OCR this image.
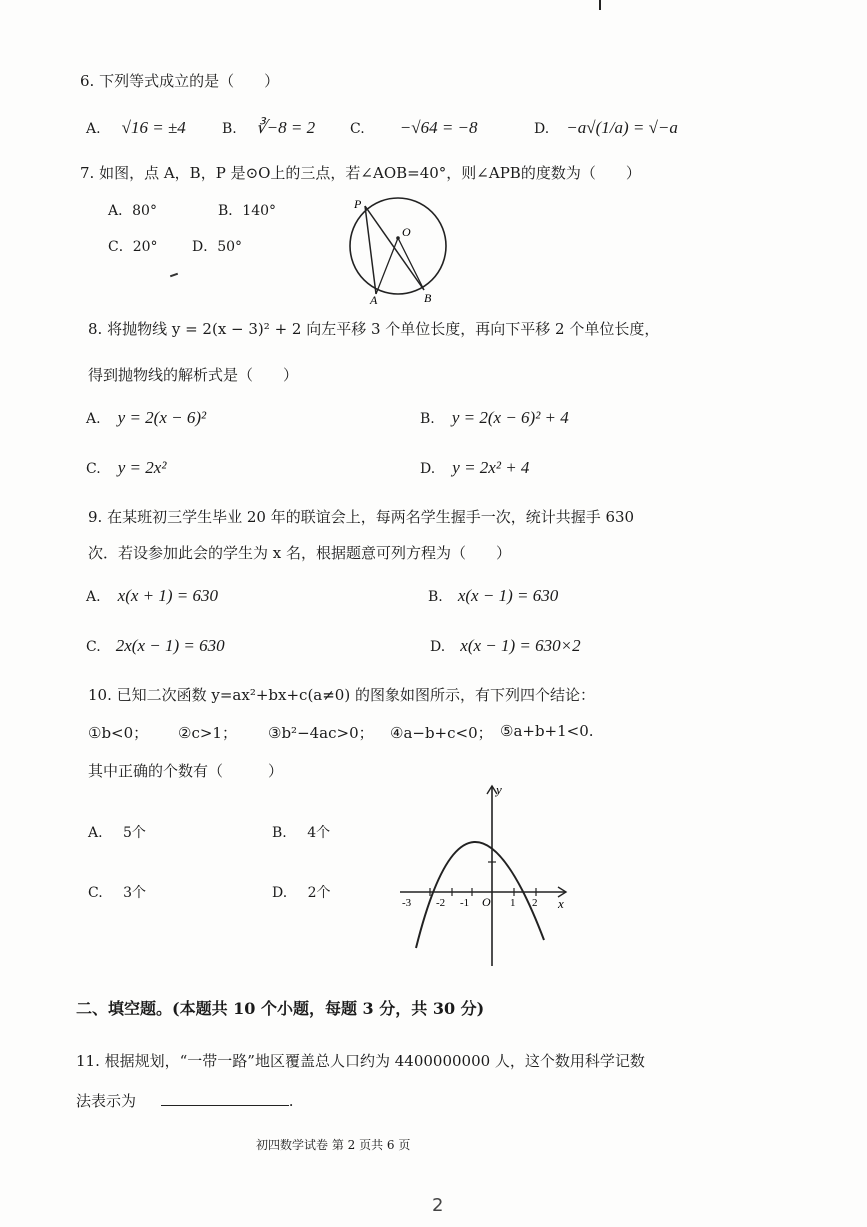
6. 下列等式成立的是（　　）
A. √16 = ±4	B. ∛−8 = 2 C. −√64 = −8	D. −a√(1/a) = √−a
7. 如图，点 A，B，P 是⊙O上的三点，若∠AOB=40°，则∠APB的度数为（　　）
A．80°	B．140°
C．20° D．50°
P
O
A	B
8. 将抛物线 y = 2(x − 3)² + 2 向左平移 3 个单位长度，再向下平移 2 个单位长度，
得到抛物线的解析式是（　　）
A. y = 2(x − 6)²	B. y = 2(x − 6)² + 4
C. y = 2x²	D. y = 2x² + 4
9. 在某班初三学生毕业 20 年的联谊会上，每两名学生握手一次，统计共握手 630
次．若设参加此会的学生为 x 名，根据题意可列方程为（　　）
A. x(x + 1) = 630	B. x(x − 1) = 630
C. 2x(x − 1) = 630	D. x(x − 1) = 630×2
10. 已知二次函数 y=ax²+bx+c(a≠0) 的图象如图所示，有下列四个结论：
①b<0； ②c>1； ③b²−4ac>0； ④a−b+c<0； ⑤a+b+1<0.
其中正确的个数有（　　　）
A. 5个	B. 4个
C. 3个	D. 2个
y
x
O
-3 -2 -1	1 2
二、填空题。(本题共 10 个小题，每题 3 分，共 30 分)
11. 根据规划，“一带一路”地区覆盖总人口约为 4400000000 人，这个数用科学记数
法表示为	.
初四数学试卷 第 2 页共 6 页
2
